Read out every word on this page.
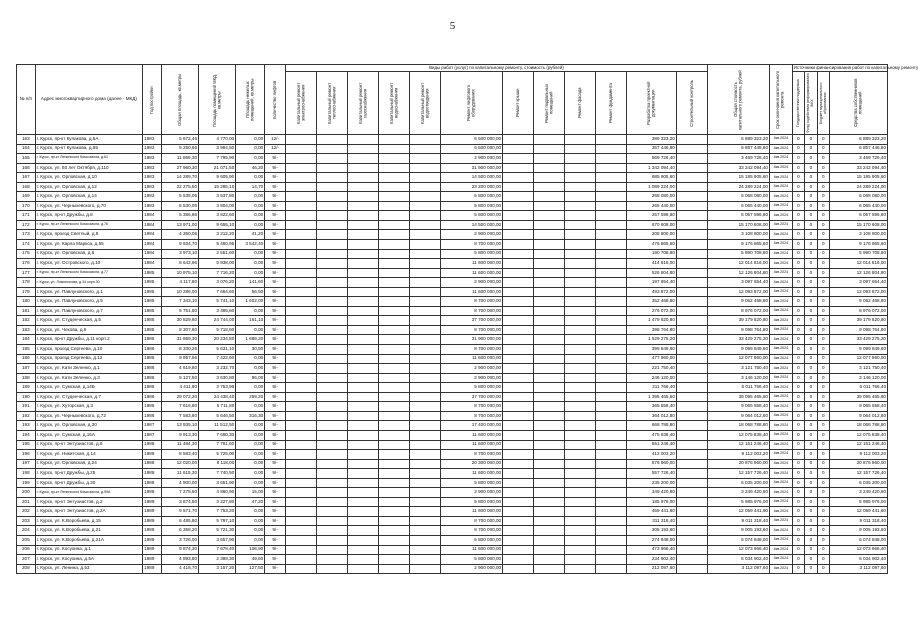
5
№ п/п	Адрес многоквартирного дома (далее - МКД)	Год постройки	Общая площадь, кв.метры	Площадь помещений МКД, кв.метры	Площадь нежилых помещений, кв.метры	Количество лифтов	Виды работ (услуг) по капитальному ремонту, стоимость (рублей)												Общая стоимость капитального ремонта, рублей	Срок окончания капитального ремонта	Источники финансирования работ по капитальному ремонту			

							Капитальный ремонт электроснабжения	Капитальный ремонт теплоснабжения	Капитальный ремонт газоснабжения	Капитальный ремонт водоснабжения	Капитальный ремонт водоотведения	Ремонт лифтового оборудования	Ремонт крыши	Ремонт подвальных помещений	Ремонт фасада	Ремонт фундамента	Разработка проектной документации	Строительный контроль			Государственная поддержка	Фонд содействия реформированию ЖКХ	Бюджет муниципального образования	Средства собственников помещений

163	г. Курск, пр-кт Кулакова, д.5А	1983	5 672,46	4 770,00	0,00	12/-						6 500 000,00					389 323,20		6 889 323,20	4кв.2024	0	0	0	6 889 323,20
164	г. Курск, пр-кт Кулакова, д.55	1983	5 250,66	3 984,50	0,00	12/-						6 500 000,00					357 446,80		6 857 446,80	4кв.2024	0	0	0	6 857 446,80
165	г. Курск, пр-кт Ленинского Комсомола, д.61	1983	11 869,30	7 795,90	0,00	9/-						2 900 000,00					569 726,40		3 469 726,40	4кв.2024	0	0	0	3 469 726,40
166	г. Курск, ул. 50 лет Октября, д.110	1983	27 960,30	21 071,50	46,20	9/-						31 900 000,00					1 342 094,40		33 242 094,40	4кв.2024	0	0	0	33 242 094,40
167	г. Курск, ул. Орловская, д.10	1983	14 289,70	9 605,90	0,00	9/-						14 500 000,00					685 905,60		15 185 905,60	4кв.2024	0	0	0	15 185 905,60
168	г. Курск, ул. Орловская, д.12	1983	22 275,50	15 285,10	14,70	9/-						23 200 000,00					1 089 224,00		24 289 224,00	4кв.2024	0	0	0	24 289 224,00
169	г. Курск, ул. Орловская, д.14	1983	5 535,06	3 637,80	0,00	9/-						5 800 000,00					268 080,00		6 068 080,00	4кв.2024	0	0	0	6 068 080,00
170	г. Курск, ул. Черныхевского, д.70	1983	5 530,06	3 804,00	0,00	9/-						5 800 000,00					265 440,00		6 065 440,00	4кв.2024	0	0	0	6 065 440,00
171	г. Курск, пр-кт Дружбы, д.8	1984	5 386,86	3 822,60	0,00	9/-						5 800 000,00					257 596,80		6 057 596,80	4кв.2024	0	0	0	6 057 596,80
172	г. Курск, пр-кт Ленинского Комсомола, д.76	1984	13 971,00	9 655,10	0,00	9/-						14 500 000,00					670 608,00		15 170 608,00	4кв.2024	0	0	0	15 170 608,00
173	г. Курск, проезд Светлый, д.9	1984	4 350,06	3 212,20	41,20	9/-						2 900 000,00					208 800,00		3 108 800,00	4кв.2024	0	0	0	3 108 800,00
174	г. Курск, ул. Карла Маркса, д.55	1984	9 934,70	5 460,95	3 542,40	9/-						8 700 000,00					476 865,60		9 176 865,60	4кв.2024	0	0	0	9 176 865,60
175	г. Курск, ул. Орловская, д.8	1984	3 973,10	2 551,60	0,00	9/-						5 800 000,00					190 708,80		5 990 708,80	4кв.2024	0	0	0	5 990 708,80
176	г. Курск, ул. Островского, д.10	1984	8 642,96	5 938,00	0,00	9/-						11 600 000,00					414 816,00		12 014 816,00	4кв.2024	0	0	0	12 014 816,00
177	г. Курск, пр-кт Ленинского Комсомола, д.77	1985	10 975,10	7 716,20	0,00	9/-						11 600 000,00					526 804,80		12 126 804,80	4кв.2024	0	0	0	12 126 804,80
178	г. Курск, ул. Ломоносова, д.34 корп.30	1985	4 117,80	3 076,20	141,60	9/-						2 900 000,00					197 654,40		3 097 654,40	4кв.2024	0	0	0	3 097 654,40
179	г. Курск, ул. Павлуновского, д.1	1985	10 286,00	7 664,60	56,50	9/-						11 600 000,00					493 872,00		12 093 872,00	4кв.2024	0	0	0	12 093 872,00
180	г. Курск, ул. Павлуновского, д.5	1985	7 343,10	5 741,10	1 602,00	9/-						8 700 000,00					352 468,80		9 052 468,80	4кв.2024	0	0	0	9 052 468,80
181	г. Курск, ул. Павлуновского, д.7	1985	5 751,50	3 485,60	0,00	9/-						8 700 000,00					276 072,00		8 976 072,00	4кв.2024	0	0	0	8 976 072,00
182	г. Курск, ул. Студенческая, д.5	1985	30 829,60	24 744,00	161,10	9/-						37 700 000,00					1 479 820,80		39 179 820,80	4кв.2024	0	0	0	39 179 820,80
183	г. Курск, ул. Чехова, д.6	1985	8 307,60	5 718,60	0,00	9/-						8 700 000,00					398 764,80		9 098 764,80	4кв.2024	0	0	0	9 098 764,80
184	г. Курск, пр-кт Дружбы, д.11 корп.2	1986	31 869,30	20 234,80	1 689,20	9/-						31 900 000,00					1 529 275,20		33 429 275,20	4кв.2024	0	0	0	33 429 275,20
185	г. Курск, проезд Сергеева, д.10	1986	8 330,26	5 631,10	30,50	9/-						8 700 000,00					399 849,60		9 099 849,60	4кв.2024	0	0	0	9 099 849,60
186	г. Курск, проезд Сергеева, д.12	1986	9 957,56	7 422,60	0,00	9/-						11 600 000,00					477 960,00		12 077 960,00	4кв.2024	0	0	0	12 077 960,00
187	г. Курск, ул. Кати Зеленко, д.1	1986	4 619,80	3 232,70	0,00	9/-						2 900 000,00					221 750,40		3 121 750,40	4кв.2024	0	0	0	3 121 750,40
188	г. Курск, ул. Кати Зеленко, д.3	1986	5 127,50	3 630,80	96,00	9/-						2 900 000,00					246 120,00		3 146 120,00	4кв.2024	0	0	0	3 146 120,00
189	г. Курск, ул. Сумская, д.14Б	1986	4 411,80	3 753,96	0,00	9/-						5 800 000,00					211 766,40		6 011 766,40	4кв.2024	0	0	0	6 011 766,40
190	г. Курск, ул. Студенческая, д.7	1986	29 072,20	24 438,40	259,20	9/-						37 700 000,00					1 395 465,60		39 095 465,60	4кв.2024	0	0	0	39 095 465,60
191	г. Курск, ул. Хуторская, д.3	1986	7 616,80	5 711,80	0,00	9/-						8 700 000,00					365 558,40		9 065 558,40	4кв.2024	0	0	0	9 065 558,40
192	г. Курск, ул. Черныхевского, д.72	1986	7 583,60	5 646,50	316,30	9/-						8 700 000,00					364 012,80		9 064 012,80	4кв.2024	0	0	0	9 064 012,80
193	г. Курск, ул. Орловская, д.30	1987	13 935,10	11 512,50	0,00	9/-						17 400 000,00					668 788,80		18 068 788,80	4кв.2024	0	0	0	18 068 788,80
194	г. Курск, ул. Сумская, д.16А	1987	9 913,30	7 680,30	0,00	9/-						11 600 000,00					475 838,40		12 075 838,40	4кв.2024	0	0	0	12 075 838,40
195	г. Курск, пр-кт Энтузиастов, д.6	1988	11 484,30	7 781,60	0,00	9/-						11 600 000,00					551 246,40		12 151 246,40	4кв.2024	0	0	0	12 151 246,40
196	г. Курск, ул. Никитская, д.14	1988	8 583,40	5 725,00	0,00	9/-						8 700 000,00					412 003,20		9 112 003,20	4кв.2024	0	0	0	9 112 003,20
197	г. Курск, ул. Орловская, д.24	1988	12 020,00	8 118,00	0,00	9/-						20 300 000,00					576 960,00		20 876 960,00	4кв.2024	0	0	0	20 876 960,00
198	г. Курск, пр-кт Дружбы, д.25	1988	11 615,30	7 740,50	0,00	9/-						11 600 000,00					557 726,40		12 157 726,40	4кв.2024	0	0	0	12 157 726,40
199	г. Курск, пр-кт Дружбы, д.30	1988	4 900,00	3 651,90	0,00	9/-						5 800 000,00					235 200,00		6 035 200,00	4кв.2024	0	0	0	6 035 200,00
200	г. Курск, пр-кт Ленинского Комсомола, д.99А	1988	7 275,50	4 860,90	15,00	9/-						2 900 000,00					349 420,80		3 249 420,80	4кв.2024	0	0	0	3 249 420,80
201	г. Курск, пр-кт Энтузиастов, д.2	1989	3 874,50	3 227,80	47,20	9/-						5 800 000,00					185 976,00		5 985 976,00	4кв.2024	0	0	0	5 985 976,00
202	г. Курск, пр-кт Энтузиастов, д.2А	1989	9 571,70	7 753,20	0,00	9/-						11 600 000,00					459 441,60		12 059 441,60	4кв.2024	0	0	0	12 059 441,60
203	г. Курск, ул. К.Воробьева, д.15	1989	6 485,80	5 797,10	0,00	9/-						8 700 000,00					311 318,40		9 011 318,40	4кв.2024	0	0	0	9 011 318,40
204	г. Курск, ул. К.Воробьева, д.21	1989	6 358,20	5 721,30	0,00	9/-						8 700 000,00					305 193,60		9 005 193,60	4кв.2024	0	0	0	9 005 193,60
205	г. Курск, ул. К.Воробьева, д.21А	1989	3 726,00	3 657,90	0,00	9/-						5 800 000,00					274 848,00		6 074 848,00	4кв.2024	0	0	0	6 074 848,00
206	г. Курск, ул. Косухина, д.1	1989	9 874,30	7 678,40	106,90	9/-						11 600 000,00					473 966,40		12 073 966,40	4кв.2024	0	0	0	12 073 966,40
207	г. Курск, ул. Косухина, д.5А	1989	4 893,80	2 389,30	49,60	9/-						5 800 000,00					234 902,40		6 034 902,40	4кв.2024	0	0	0	6 034 902,40
208	г. Курск, ул. Ленина, д.53	1989	4 418,70	3 157,20	127,50	9/-						2 900 000,00					212 097,60		3 112 097,60	4кв.2024	0	0	0	3 112 097,60
